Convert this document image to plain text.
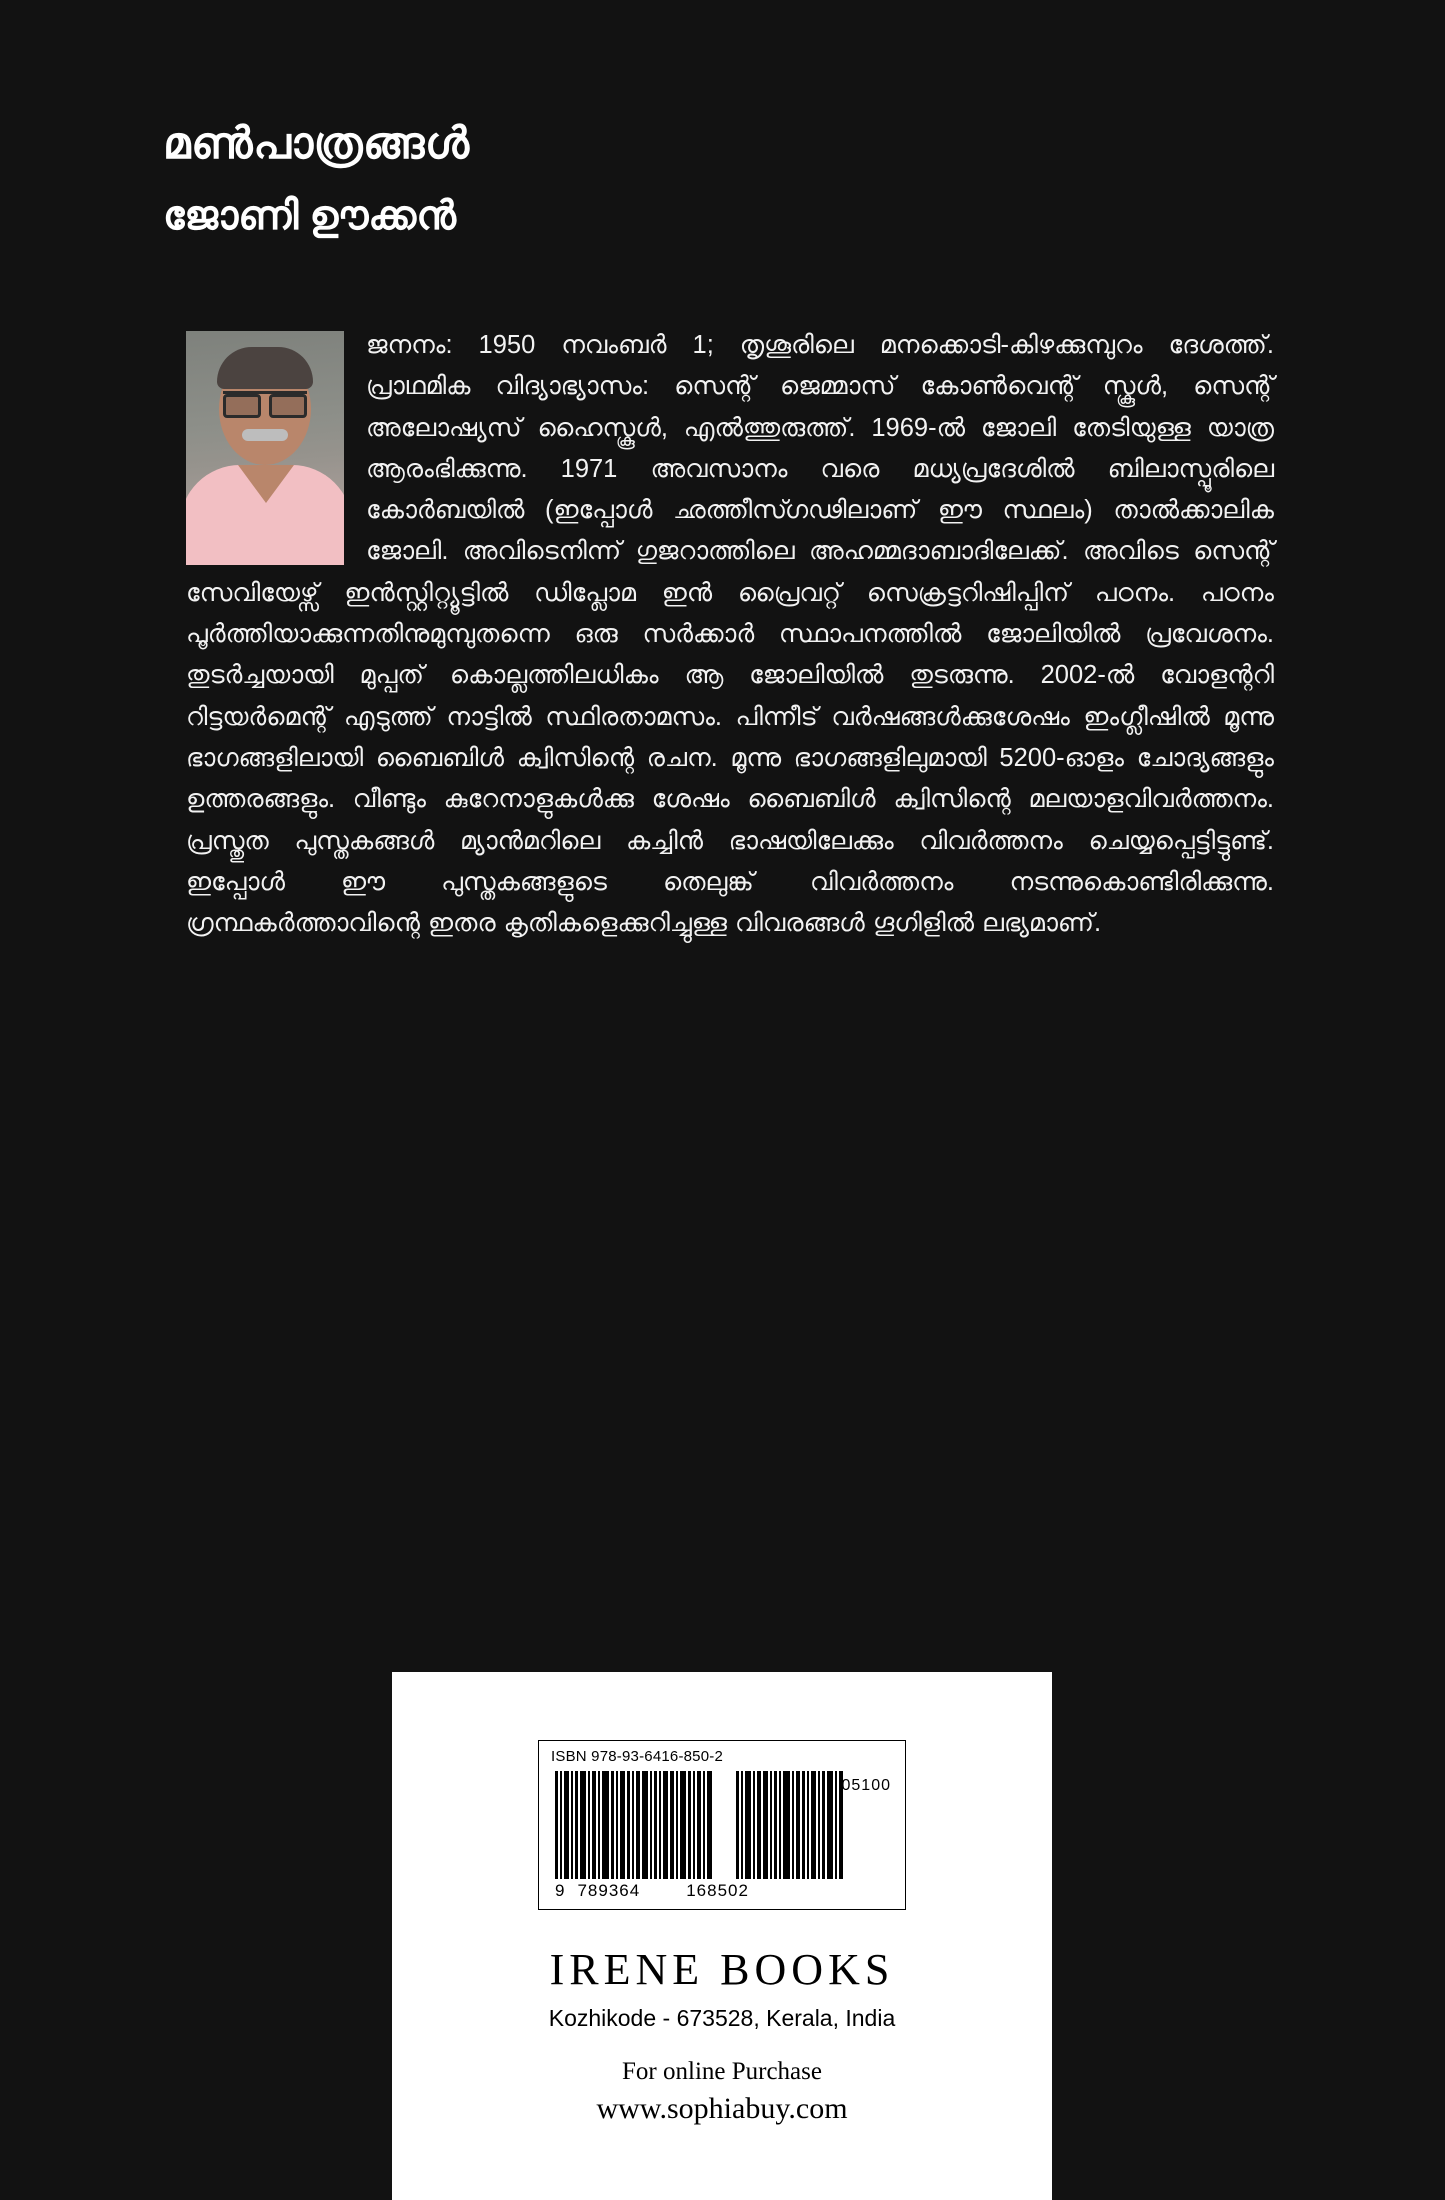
മൺപാത്രങ്ങൾ
ജോണി ഊക്കൻ

ജനനം: 1950 നവംബർ 1; തൃശൂരിലെ മനക്കൊടി-കിഴക്കുമ്പുറം ദേശത്ത്. പ്രാഥമിക വിദ്യാഭ്യാസം: സെന്റ് ജെമ്മാസ് കോൺവെന്റ് സ്കൂൾ, സെന്റ് അലോഷ്യസ് ഹൈസ്കൂൾ, എൽത്തുരുത്ത്. 1969-ൽ ജോലി തേടിയുള്ള യാത്ര ആരംഭിക്കുന്നു. 1971 അവസാനം വരെ മധ്യപ്രദേശിൽ ബിലാസ്പൂരിലെ കോർബയിൽ (ഇപ്പോൾ ഛത്തീസ്ഗഢിലാണ് ഈ സ്ഥലം) താൽക്കാലിക ജോലി. അവിടെനിന്ന് ഗുജറാത്തിലെ അഹമ്മദാബാദിലേക്ക്. അവിടെ സെന്റ് സേവിയേഴ്സ് ഇൻസ്റ്റിറ്റ്യൂട്ടിൽ ഡിപ്ലോമ ഇൻ പ്രൈവറ്റ് സെക്രട്ടറിഷിപ്പിന് പഠനം. പഠനം പൂർത്തിയാക്കുന്നതിനുമുമ്പുതന്നെ ഒരു സർക്കാർ സ്ഥാപനത്തിൽ ജോലിയിൽ പ്രവേശനം. തുടർച്ചയായി മുപ്പത് കൊല്ലത്തിലധികം ആ ജോലിയിൽ തുടരുന്നു. 2002-ൽ വോളന്ററി റിട്ടയർമെന്റ് എടുത്ത് നാട്ടിൽ സ്ഥിരതാമസം. പിന്നീട് വർഷങ്ങൾക്കുശേഷം ഇംഗ്ലീഷിൽ മൂന്നു ഭാഗങ്ങളിലായി ബൈബിൾ ക്വിസിന്റെ രചന. മൂന്നു ഭാഗങ്ങളിലുമായി 5200-ഓളം ചോദ്യങ്ങളും ഉത്തരങ്ങളും. വീണ്ടും കുറേനാളുകൾക്കു ശേഷം ബൈബിൾ ക്വിസിന്റെ മലയാളവിവർത്തനം. പ്രസ്തുത പുസ്തകങ്ങൾ മ്യാൻമറിലെ കച്ചിൻ ഭാഷയിലേക്കും വിവർത്തനം ചെയ്യപ്പെട്ടിട്ടുണ്ട്. ഇപ്പോൾ ഈ പുസ്തകങ്ങളുടെ തെലുങ്ക് വിവർത്തനം നടന്നുകൊണ്ടിരിക്കുന്നു. ഗ്രന്ഥകർത്താവിന്റെ ഇതര കൃതികളെക്കുറിച്ചുള്ള വിവരങ്ങൾ ഗൂഗിളിൽ ലഭ്യമാണ്.

ISBN 978-93-6416-850-2
05100
9 789364	168502
IRENE BOOKS
Kozhikode - 673528, Kerala, India
For online Purchase
www.sophiabuy.com
